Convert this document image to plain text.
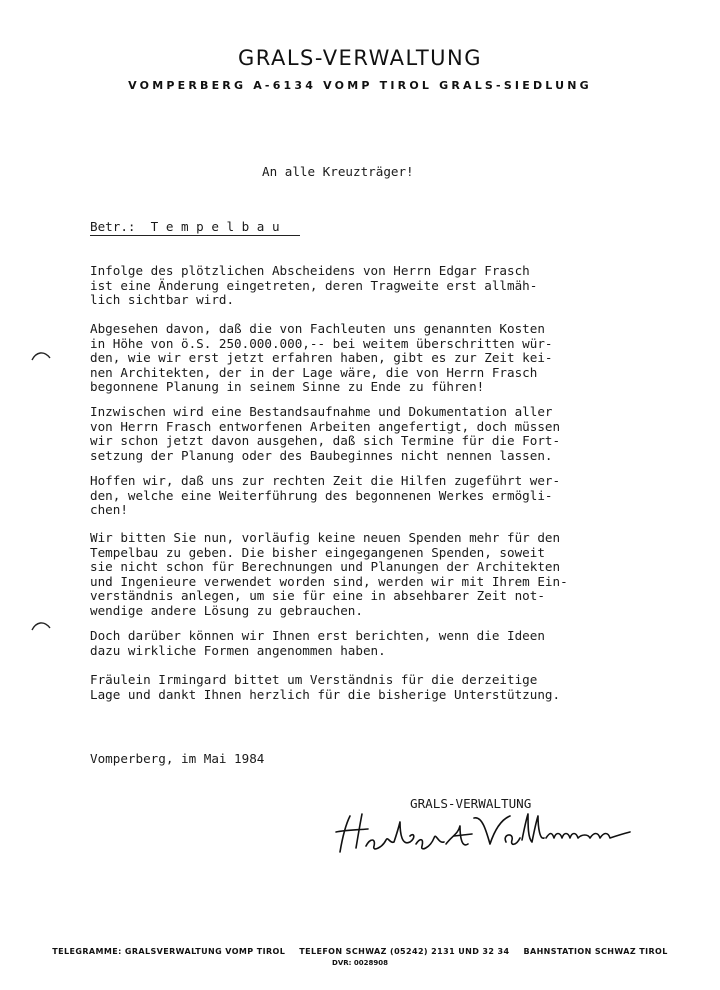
GRALS-VERWALTUNG
VOMPERBERG A-6134 VOMP TIROL GRALS-SIEDLUNG
An alle Kreuzträger!
Betr.:  T e m p e l b a u

Infolge des plötzlichen Abscheidens von Herrn Edgar Frasch
ist eine Änderung eingetreten, deren Tragweite erst allmäh-
lich sichtbar wird.

Abgesehen davon, daß die von Fachleuten uns genannten Kosten
in Höhe von ö.S. 250.000.000,-- bei weitem überschritten wür-
den, wie wir erst jetzt erfahren haben, gibt es zur Zeit kei-
nen Architekten, der in der Lage wäre, die von Herrn Frasch
begonnene Planung in seinem Sinne zu Ende zu führen!

Inzwischen wird eine Bestandsaufnahme und Dokumentation aller
von Herrn Frasch entworfenen Arbeiten angefertigt, doch müssen
wir schon jetzt davon ausgehen, daß sich Termine für die Fort-
setzung der Planung oder des Baubeginnes nicht nennen lassen.

Hoffen wir, daß uns zur rechten Zeit die Hilfen zugeführt wer-
den, welche eine Weiterführung des begonnenen Werkes ermögli-
chen!

Wir bitten Sie nun, vorläufig keine neuen Spenden mehr für den
Tempelbau zu geben. Die bisher eingegangenen Spenden, soweit
sie nicht schon für Berechnungen und Planungen der Architekten
und Ingenieure verwendet worden sind, werden wir mit Ihrem Ein-
verständnis anlegen, um sie für eine in absehbarer Zeit not-
wendige andere Lösung zu gebrauchen.

Doch darüber können wir Ihnen erst berichten, wenn die Ideen
dazu wirkliche Formen angenommen haben.

Fräulein Irmingard bittet um Verständnis für die derzeitige
Lage und dankt Ihnen herzlich für die bisherige Unterstützung.

Vomperberg, im Mai 1984
GRALS-VERWALTUNG
TELEGRAMME: GRALSVERWALTUNG VOMP TIROL TELEFON SCHWAZ (05242) 2131 UND 32 34 BAHNSTATION SCHWAZ TIROL
DVR: 0028908
